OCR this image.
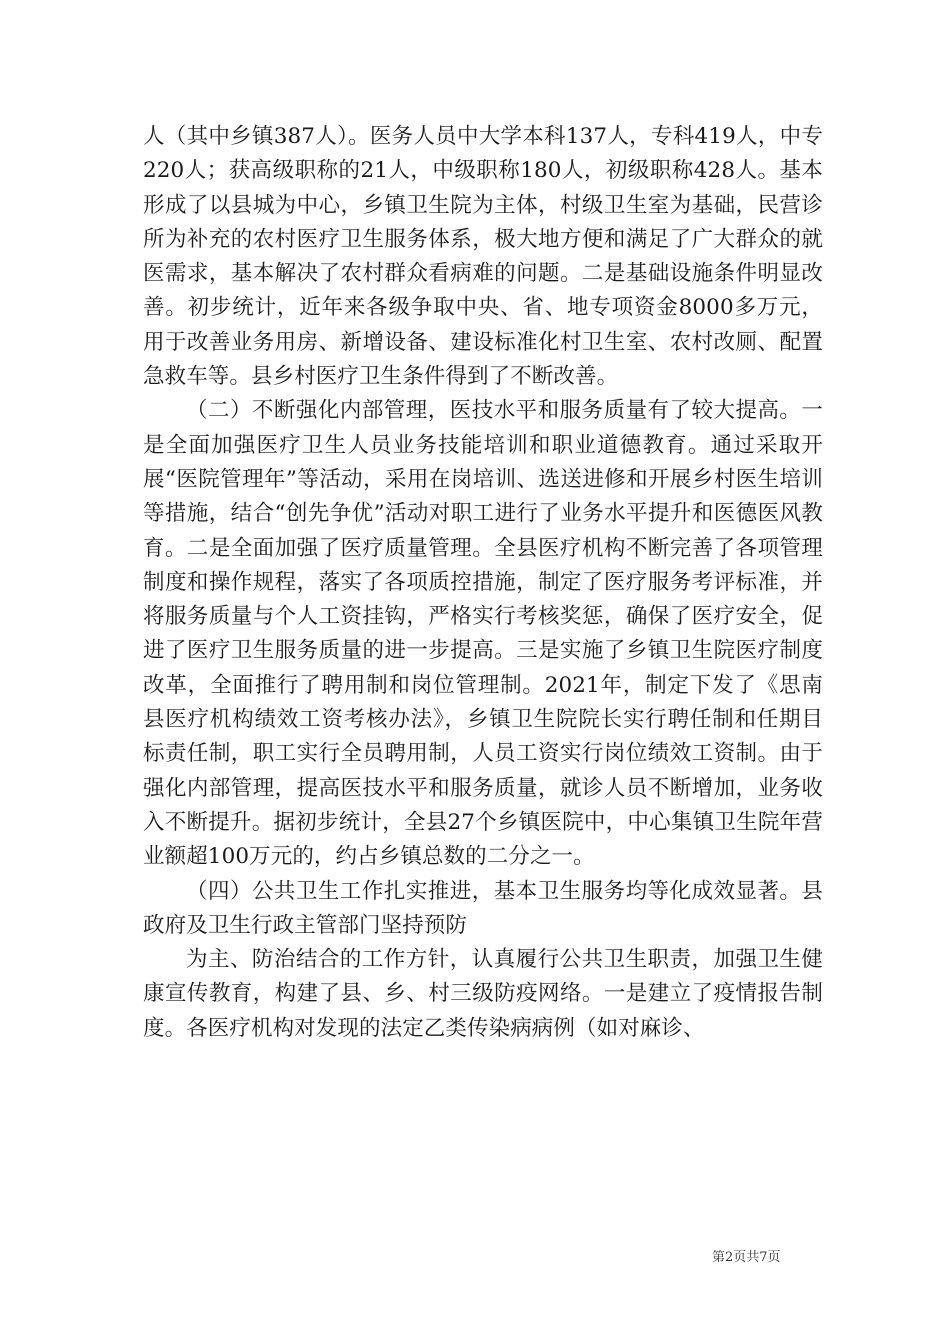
人（其中乡镇387人）。医务人员中大学本科137人，专科419人，中专220人；获高级职称的21人，中级职称180人，初级职称428人。基本形成了以县城为中心，乡镇卫生院为主体，村级卫生室为基础，民营诊所为补充的农村医疗卫生服务体系，极大地方便和满足了广大群众的就医需求，基本解决了农村群众看病难的问题。二是基础设施条件明显改善。初步统计，近年来各级争取中央、省、地专项资金8000多万元，用于改善业务用房、新增设备、建设标准化村卫生室、农村改厕、配置急救车等。县乡村医疗卫生条件得到了不断改善。

（二）不断强化内部管理，医技水平和服务质量有了较大提高。一是全面加强医疗卫生人员业务技能培训和职业道德教育。通过采取开展“医院管理年”等活动，采用在岗培训、选送进修和开展乡村医生培训等措施，结合“创先争优”活动对职工进行了业务水平提升和医德医风教育。二是全面加强了医疗质量管理。全县医疗机构不断完善了各项管理制度和操作规程，落实了各项质控措施，制定了医疗服务考评标准，并将服务质量与个人工资挂钩，严格实行考核奖惩，确保了医疗安全，促进了医疗卫生服务质量的进一步提高。三是实施了乡镇卫生院医疗制度改革，全面推行了聘用制和岗位管理制。2021年，制定下发了《思南县医疗机构绩效工资考核办法》，乡镇卫生院院长实行聘任制和任期目标责任制，职工实行全员聘用制，人员工资实行岗位绩效工资制。由于强化内部管理，提高医技水平和服务质量，就诊人员不断增加，业务收入不断提升。据初步统计，全县27个乡镇医院中，中心集镇卫生院年营业额超100万元的，约占乡镇总数的二分之一。

（四）公共卫生工作扎实推进，基本卫生服务均等化成效显著。县政府及卫生行政主管部门坚持预防

为主、防治结合的工作方针，认真履行公共卫生职责，加强卫生健康宣传教育，构建了县、乡、村三级防疫网络。一是建立了疫情报告制度。各医疗机构对发现的法定乙类传染病病例（如对麻诊、

第2页共7页
